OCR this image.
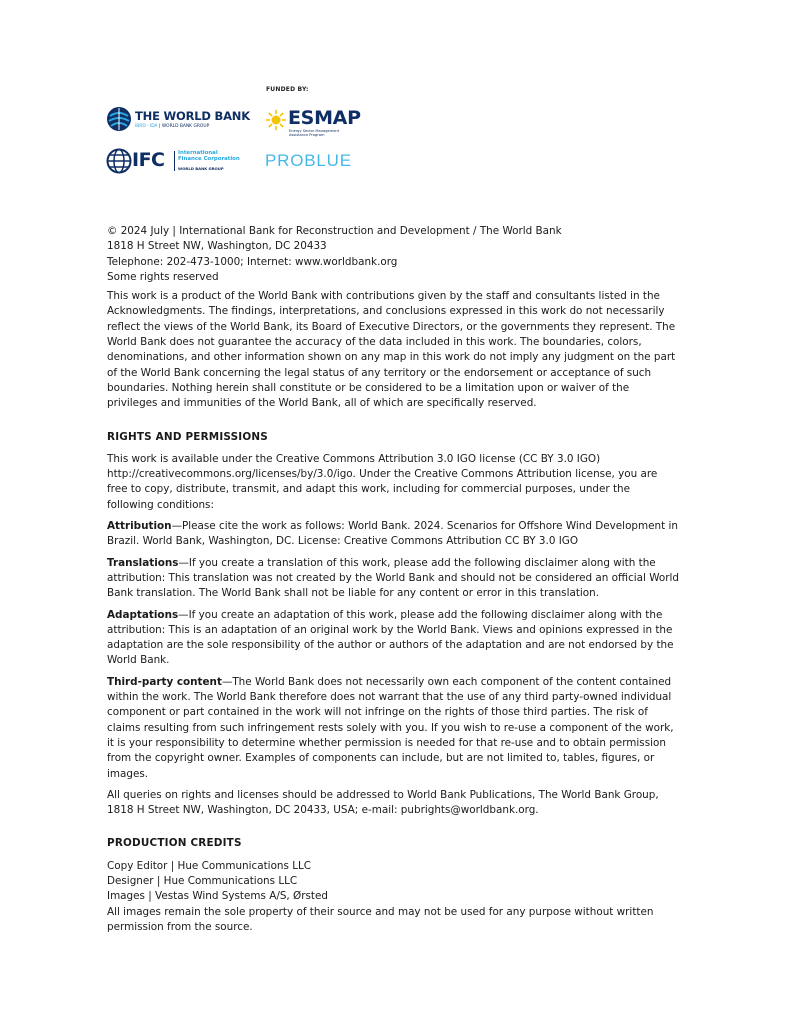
FUNDED BY:
THE WORLD BANK
IBRD · IDA | WORLD BANK GROUP
IFC	International
Finance Corporation
WORLD BANK GROUP
ESMAP
Energy Sector Management
Assistance Program
PROBLUE

© 2024 July | International Bank for Reconstruction and Development / The World Bank

1818 H Street NW, Washington, DC 20433

Telephone: 202-473-1000; Internet: www.worldbank.org

Some rights reserved

This work is a product of the World Bank with contributions given by the staff and consultants listed in the Acknowledgments. The findings, interpretations, and conclusions expressed in this work do not necessarily reflect the views of the World Bank, its Board of Executive Directors, or the governments they represent. The World Bank does not guarantee the accuracy of the data included in this work. The boundaries, colors, denominations, and other information shown on any map in this work do not imply any judgment on the part of the World Bank concerning the legal status of any territory or the endorsement or acceptance of such boundaries. Nothing herein shall constitute or be considered to be a limitation upon or waiver of the privileges and immunities of the World Bank, all of which are specifically reserved.

RIGHTS AND PERMISSIONS

This work is available under the Creative Commons Attribution 3.0 IGO license (CC BY 3.0 IGO) http://creativecommons.org/licenses/by/3.0/igo. Under the Creative Commons Attribution license, you are free to copy, distribute, transmit, and adapt this work, including for commercial purposes, under the following conditions:

Attribution—Please cite the work as follows: World Bank. 2024. Scenarios for Offshore Wind Development in Brazil. World Bank, Washington, DC. License: Creative Commons Attribution CC BY 3.0 IGO

Translations—If you create a translation of this work, please add the following disclaimer along with the attribution: This translation was not created by the World Bank and should not be considered an official World Bank translation. The World Bank shall not be liable for any content or error in this translation.

Adaptations—If you create an adaptation of this work, please add the following disclaimer along with the attribution: This is an adaptation of an original work by the World Bank. Views and opinions expressed in the adaptation are the sole responsibility of the author or authors of the adaptation and are not endorsed by the World Bank.

Third-party content—The World Bank does not necessarily own each component of the content contained within the work. The World Bank therefore does not warrant that the use of any third party-owned individual component or part contained in the work will not infringe on the rights of those third parties. The risk of claims resulting from such infringement rests solely with you. If you wish to re-use a component of the work, it is your responsibility to determine whether permission is needed for that re-use and to obtain permission from the copyright owner. Examples of components can include, but are not limited to, tables, figures, or images.

All queries on rights and licenses should be addressed to World Bank Publications, The World Bank Group, 1818 H Street NW, Washington, DC 20433, USA; e-mail: pubrights@worldbank.org.

PRODUCTION CREDITS

Copy Editor | Hue Communications LLC

Designer | Hue Communications LLC

Images | Vestas Wind Systems A/S, Ørsted

All images remain the sole property of their source and may not be used for any purpose without written permission from the source.
